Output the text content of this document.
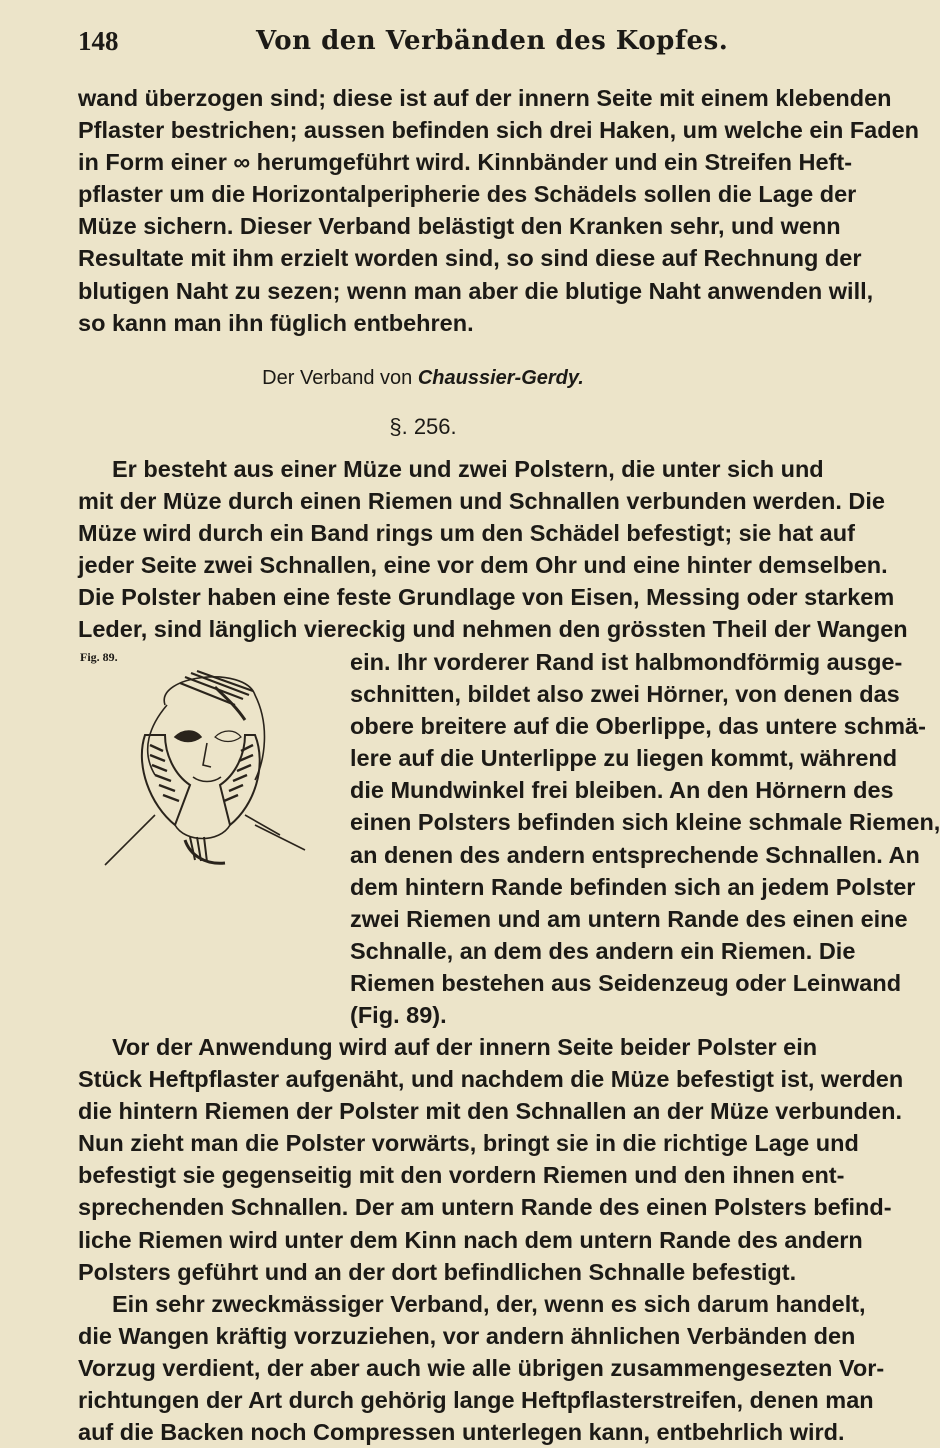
148	Von den Verbänden des Kopfes.
wand überzogen sind; diese ist auf der innern Seite mit einem klebenden
Pflaster bestrichen; aussen befinden sich drei Haken, um welche ein Faden
in Form einer ∞ herumgeführt wird. Kinnbänder und ein Streifen Heft-
pflaster um die Horizontalperipherie des Schädels sollen die Lage der
Müze sichern. Dieser Verband belästigt den Kranken sehr, und wenn
Resultate mit ihm erzielt worden sind, so sind diese auf Rechnung der
blutigen Naht zu sezen; wenn man aber die blutige Naht anwenden will,
so kann man ihn füglich entbehren.
Der Verband von Chaussier-Gerdy.
§. 256.
Er besteht aus einer Müze und zwei Polstern, die unter sich und
mit der Müze durch einen Riemen und Schnallen verbunden werden. Die
Müze wird durch ein Band rings um den Schädel befestigt; sie hat auf
jeder Seite zwei Schnallen, eine vor dem Ohr und eine hinter demselben.
Die Polster haben eine feste Grundlage von Eisen, Messing oder starkem
Leder, sind länglich viereckig und nehmen den grössten Theil der Wangen
Fig. 89.	ein. Ihr vorderer Rand ist halbmondförmig ausge-
schnitten, bildet also zwei Hörner, von denen das
obere breitere auf die Oberlippe, das untere schmä-
lere auf die Unterlippe zu liegen kommt, während
die Mundwinkel frei bleiben. An den Hörnern des
einen Polsters befinden sich kleine schmale Riemen,
an denen des andern entsprechende Schnallen. An
dem hintern Rande befinden sich an jedem Polster
zwei Riemen und am untern Rande des einen eine
Schnalle, an dem des andern ein Riemen. Die
Riemen bestehen aus Seidenzeug oder Leinwand
(Fig. 89).
Vor der Anwendung wird auf der innern Seite beider Polster ein
Stück Heftpflaster aufgenäht, und nachdem die Müze befestigt ist, werden
die hintern Riemen der Polster mit den Schnallen an der Müze verbunden.
Nun zieht man die Polster vorwärts, bringt sie in die richtige Lage und
befestigt sie gegenseitig mit den vordern Riemen und den ihnen ent-
sprechenden Schnallen. Der am untern Rande des einen Polsters befind-
liche Riemen wird unter dem Kinn nach dem untern Rande des andern
Polsters geführt und an der dort befindlichen Schnalle befestigt.
Ein sehr zweckmässiger Verband, der, wenn es sich darum handelt,
die Wangen kräftig vorzuziehen, vor andern ähnlichen Verbänden den
Vorzug verdient, der aber auch wie alle übrigen zusammengesezten Vor-
richtungen der Art durch gehörig lange Heftpflasterstreifen, denen man
auf die Backen noch Compressen unterlegen kann, entbehrlich wird.
